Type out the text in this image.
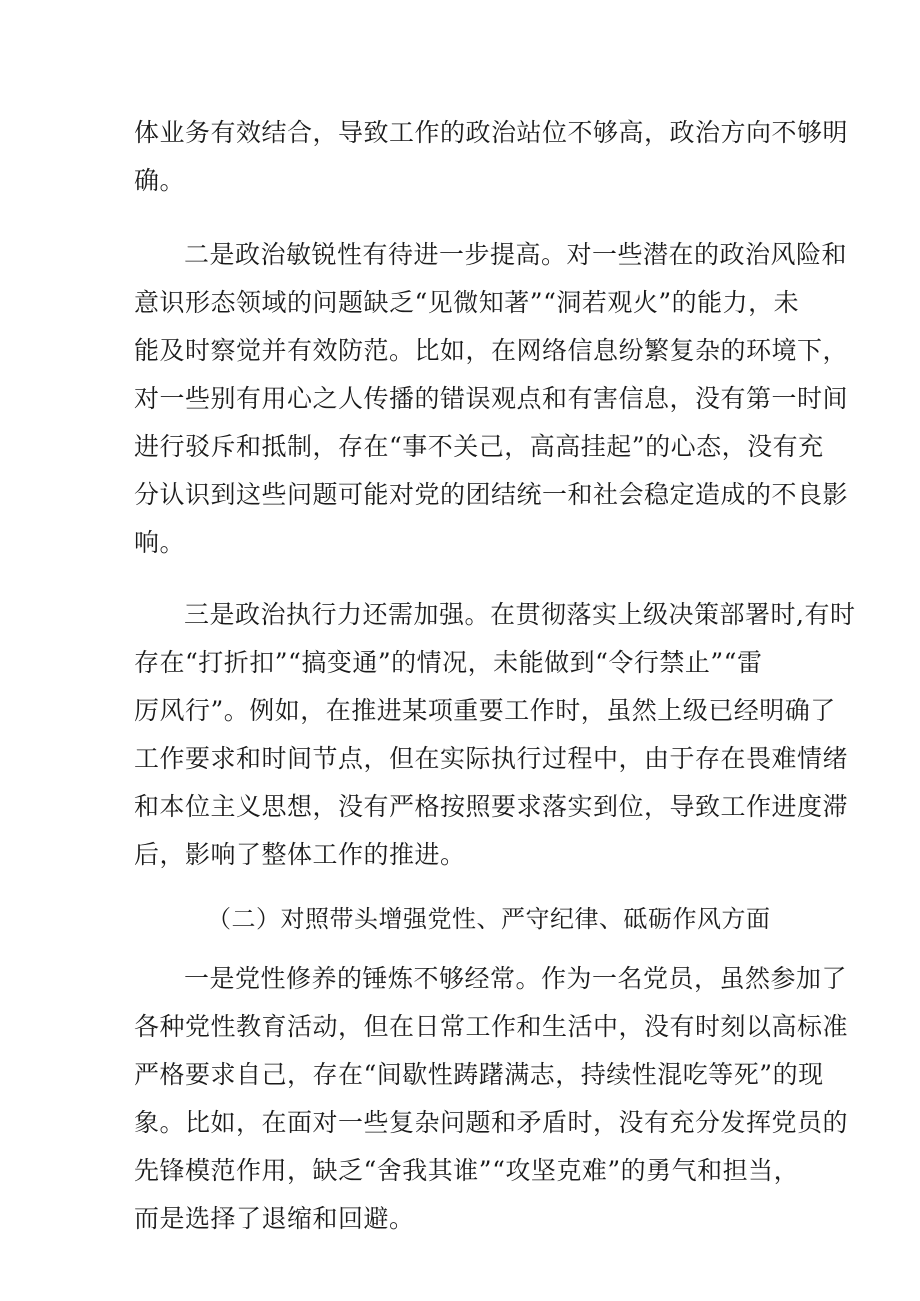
体业务有效结合，导致工作的政治站位不够高，政治方向不够明
确。
二是政治敏锐性有待进一步提高。对一些潜在的政治风险和
意识形态领域的问题缺乏“见微知著”“洞若观火”的能力，未
能及时察觉并有效防范。比如，在网络信息纷繁复杂的环境下，
对一些别有用心之人传播的错误观点和有害信息，没有第一时间
进行驳斥和抵制，存在“事不关己，高高挂起”的心态，没有充
分认识到这些问题可能对党的团结统一和社会稳定造成的不良影
响。
三是政治执行力还需加强。在贯彻落实上级决策部署时,有时
存在“打折扣”“搞变通”的情况，未能做到“令行禁止”“雷
厉风行”。例如，在推进某项重要工作时，虽然上级已经明确了
工作要求和时间节点，但在实际执行过程中，由于存在畏难情绪
和本位主义思想，没有严格按照要求落实到位，导致工作进度滞
后，影响了整体工作的推进。
（二）对照带头增强党性、严守纪律、砥砺作风方面
一是党性修养的锤炼不够经常。作为一名党员，虽然参加了
各种党性教育活动，但在日常工作和生活中，没有时刻以高标准
严格要求自己，存在“间歇性踌躇满志，持续性混吃等死”的现
象。比如，在面对一些复杂问题和矛盾时，没有充分发挥党员的
先锋模范作用，缺乏“舍我其谁”“攻坚克难”的勇气和担当，
而是选择了退缩和回避。
